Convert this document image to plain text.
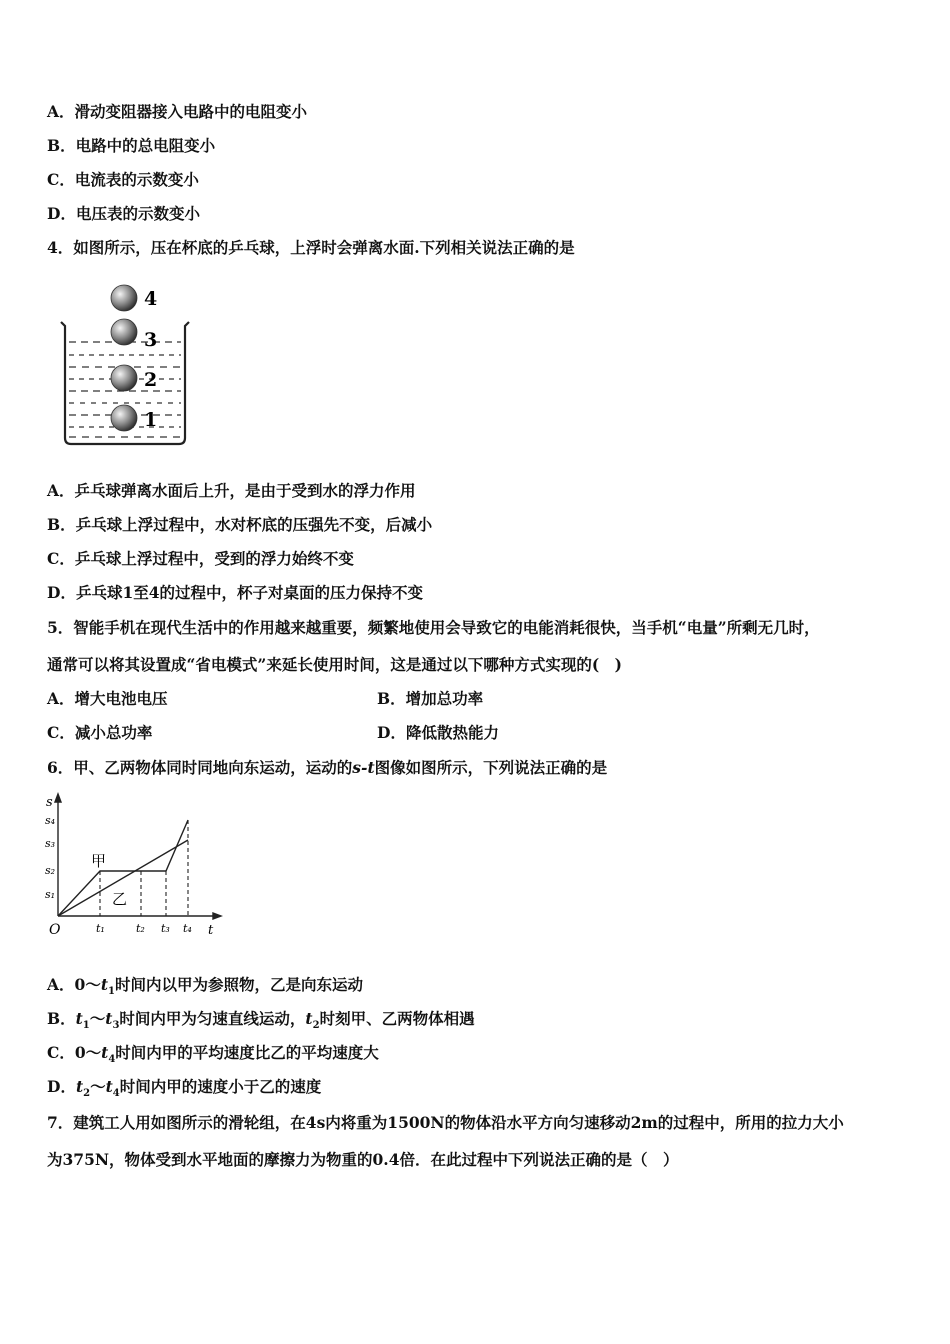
A．滑动变阻器接入电路中的电阻变小
B．电路中的总电阻变小
C．电流表的示数变小
D．电压表的示数变小
4．如图所示，压在杯底的乒乓球，上浮时会弹离水面.下列相关说法正确的是
4
3
2
1
A．乒乓球弹离水面后上升，是由于受到水的浮力作用
B．乒乓球上浮过程中，水对杯底的压强先不变，后减小
C．乒乓球上浮过程中，受到的浮力始终不变
D．乒乓球1至4的过程中，杯子对桌面的压力保持不变
5．智能手机在现代生活中的作用越来越重要，频繁地使用会导致它的电能消耗很快，当手机“电量”所剩无几时，
通常可以将其设置成“省电模式”来延长使用时间，这是通过以下哪种方式实现的(　)
A．增大电池电压	B．增加总功率
C．减小总功率	D．降低散热能力
6．甲、乙两物体同时同地向东运动，运动的s-t图像如图所示，下列说法正确的是
s
t
O
s₄
s₃
s₂
s₁
t₁	t₂ t₃ t₄
甲
乙
A．$0\sim t_1$时间内以甲为参照物，乙是向东运动
B．$t_1\sim t_3$时间内甲为匀速直线运动，$t_2$时刻甲、乙两物体相遇
C．$0\sim t_4$时间内甲的平均速度比乙的平均速度大
D．$t_2\sim t_4$时间内甲的速度小于乙的速度
7．建筑工人用如图所示的滑轮组，在4s内将重为1500N的物体沿水平方向匀速移动2m的过程中，所用的拉力大小
为375N，物体受到水平地面的摩擦力为物重的0.4倍．在此过程中下列说法正确的是（　）
